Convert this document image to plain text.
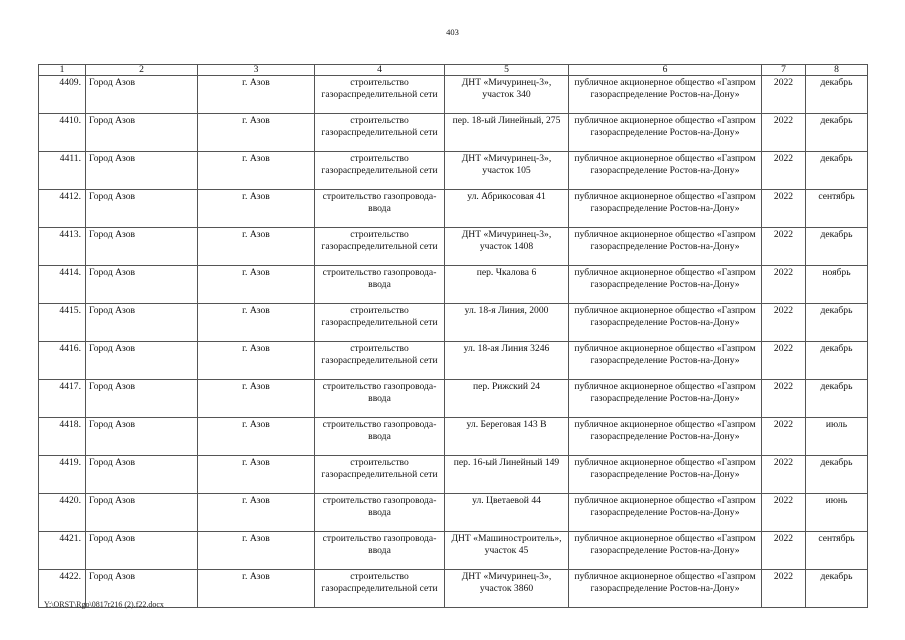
403
1	2	3	4	5	6	7	8
4409.	Город Азов	г. Азов	строительство газораспределительной сети	ДНТ «Мичуринец-3», участок 340	публичное акционерное общество «Газпром газораспределение Ростов-на-Дону»	2022	декабрь
4410.	Город Азов	г. Азов	строительство газораспределительной сети	пер. 18-ый Линейный, 275	публичное акционерное общество «Газпром газораспределение Ростов-на-Дону»	2022	декабрь
4411.	Город Азов	г. Азов	строительство газораспределительной сети	ДНТ «Мичуринец-3», участок 105	публичное акционерное общество «Газпром газораспределение Ростов-на-Дону»	2022	декабрь
4412.	Город Азов	г. Азов	строительство газопровода-ввода	ул. Абрикосовая 41	публичное акционерное общество «Газпром газораспределение Ростов-на-Дону»	2022	сентябрь
4413.	Город Азов	г. Азов	строительство газораспределительной сети	ДНТ «Мичуринец-3», участок 1408	публичное акционерное общество «Газпром газораспределение Ростов-на-Дону»	2022	декабрь
4414.	Город Азов	г. Азов	строительство газопровода-ввода	пер. Чкалова 6	публичное акционерное общество «Газпром газораспределение Ростов-на-Дону»	2022	ноябрь
4415.	Город Азов	г. Азов	строительство газораспределительной сети	ул. 18-я Линия, 2000	публичное акционерное общество «Газпром газораспределение Ростов-на-Дону»	2022	декабрь
4416.	Город Азов	г. Азов	строительство газораспределительной сети	ул. 18-ая Линия 3246	публичное акционерное общество «Газпром газораспределение Ростов-на-Дону»	2022	декабрь
4417.	Город Азов	г. Азов	строительство газопровода-ввода	пер. Рижский 24	публичное акционерное общество «Газпром газораспределение Ростов-на-Дону»	2022	декабрь
4418.	Город Азов	г. Азов	строительство газопровода-ввода	ул. Береговая 143 В	публичное акционерное общество «Газпром газораспределение Ростов-на-Дону»	2022	июль
4419.	Город Азов	г. Азов	строительство газораспределительной сети	пер. 16-ый Линейный 149	публичное акционерное общество «Газпром газораспределение Ростов-на-Дону»	2022	декабрь
4420.	Город Азов	г. Азов	строительство газопровода-ввода	ул. Цветаевой 44	публичное акционерное общество «Газпром газораспределение Ростов-на-Дону»	2022	июнь
4421.	Город Азов	г. Азов	строительство газопровода-ввода	ДНТ «Машиностроитель», участок 45	публичное акционерное общество «Газпром газораспределение Ростов-на-Дону»	2022	сентябрь
4422.	Город Азов	г. Азов	строительство газораспределительной сети	ДНТ «Мичуринец-3», участок 3860	публичное акционерное общество «Газпром газораспределение Ростов-на-Дону»	2022	декабрь
Y:\ORST\Rgo\0817r216 (2).f22.docx
